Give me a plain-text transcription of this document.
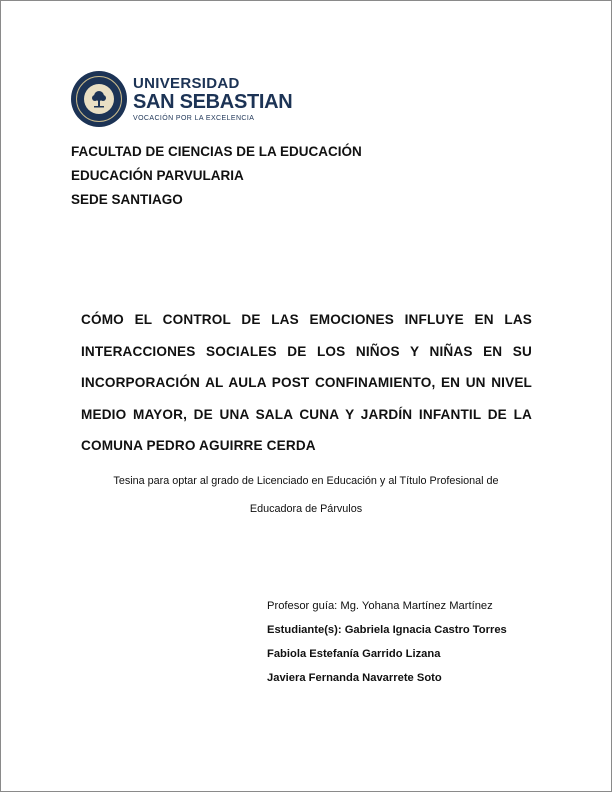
UNIVERSIDAD
SAN SEBASTIAN
VOCACIÓN POR LA EXCELENCIA
FACULTAD DE CIENCIAS DE LA EDUCACIÓN
EDUCACIÓN PARVULARIA
SEDE SANTIAGO
CÓMO EL CONTROL DE LAS EMOCIONES INFLUYE EN LAS INTERACCIONES SOCIALES DE LOS NIÑOS Y NIÑAS EN SU INCORPORACIÓN AL AULA POST CONFINAMIENTO, EN UN NIVEL MEDIO MAYOR, DE UNA SALA CUNA Y JARDÍN INFANTIL DE LA COMUNA PEDRO AGUIRRE CERDA
Tesina para optar al grado de Licenciado en Educación y al Título Profesional de
Educadora de Párvulos
Profesor guía: Mg. Yohana Martínez Martínez
Estudiante(s): Gabriela Ignacia Castro Torres
Fabiola Estefanía Garrido Lizana
Javiera Fernanda Navarrete Soto
